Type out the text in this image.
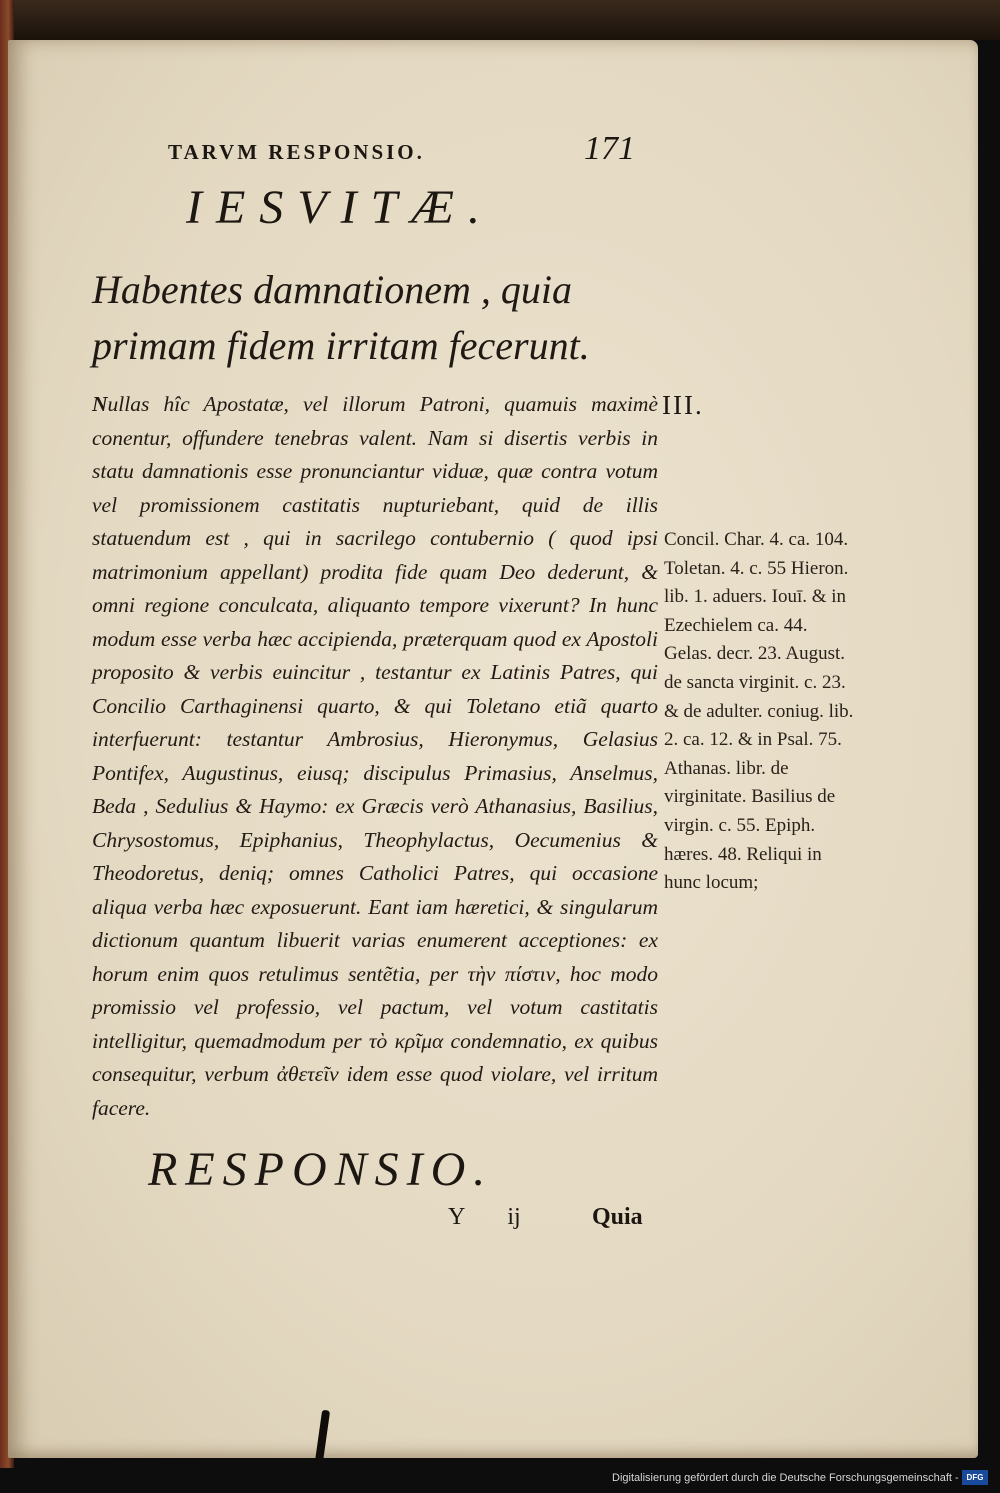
TARVM RESPONSIO.	171
IESVITÆ.
Habentes damnationem , quia primam fidem irritam fecerunt.
III.
Nullas hîc Apostatæ, vel illorum Patroni, quamuis maximè conentur, offundere tenebras valent. Nam si disertis verbis in statu damnationis esse pronunciantur viduæ, quæ contra votum vel promissionem castitatis nupturiebant, quid de illis statuendum est , qui in sacrilego contubernio ( quod ipsi matrimonium appellant) prodita fide quam Deo dederunt, & omni regione conculcata, aliquanto tempore vixerunt? In hunc modum esse verba hæc accipienda, præterquam quod ex Apostoli proposito & verbis euincitur , testantur ex Latinis Patres, qui Concilio Carthaginensi quarto, & qui Toletano etiã quarto interfuerunt: testantur Ambrosius, Hieronymus, Gelasius Pontifex, Augustinus, eiusq; discipulus Primasius, Anselmus, Beda , Sedulius & Haymo: ex Græcis verò Athanasius, Basilius, Chrysostomus, Epiphanius, Theophylactus, Oecumenius & Theodoretus, deniq; omnes Catholici Patres, qui occasione aliqua verba hæc exposuerunt. Eant iam hæretici, & singularum dictionum quantum libuerit varias enumerent acceptiones: ex horum enim quos retulimus sentẽtia, per τὴν πίστιν, hoc modo promissio vel professio, vel pactum, vel votum castitatis intelligitur, quemadmodum per τὸ κρῖμα condemnatio, ex quibus consequitur, verbum ἀθετεῖν idem esse quod violare, vel irritum facere.
Concil. Char. 4. ca. 104. Toletan. 4. c. 55 Hieron. lib. 1. aduers. Iouī. & in Ezechielem ca. 44. Gelas. decr. 23. August. de sancta virginit. c. 23. & de adulter. coniug. lib. 2. ca. 12. & in Psal. 75. Athanas. libr. de virginitate. Basilius de virgin. c. 55. Epiph. hæres. 48. Reliqui in hunc locum;
RESPONSIO.
Y ij	Quia
Digitalisierung gefördert durch die Deutsche Forschungsgemeinschaft - DFG
